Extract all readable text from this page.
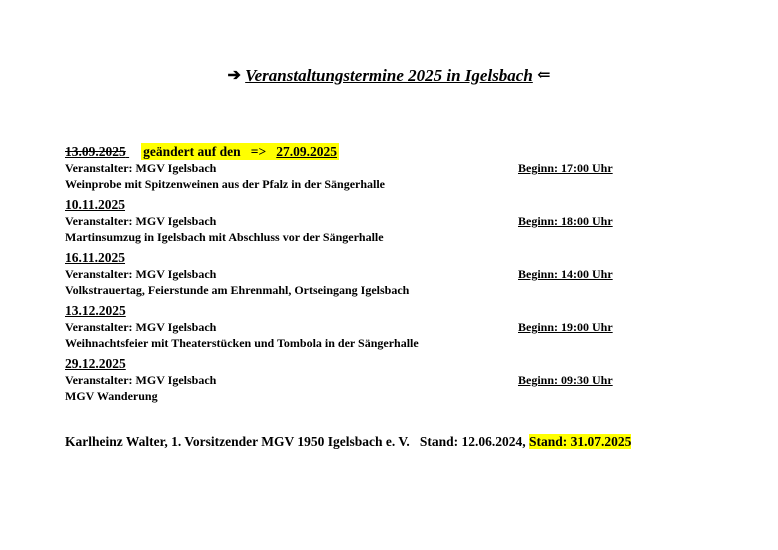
➔ Veranstaltungstermine 2025 in Igelsbach ⇐
13.09.2025 geändert auf den => 27.09.2025
Veranstalter: MGV Igelsbach	Beginn: 17:00 Uhr
Weinprobe mit Spitzenweinen aus der Pfalz in der Sängerhalle
10.11.2025
Veranstalter: MGV Igelsbach	Beginn: 18:00 Uhr
Martinsumzug in Igelsbach mit Abschluss vor der Sängerhalle
16.11.2025
Veranstalter: MGV Igelsbach	Beginn: 14:00 Uhr
Volkstrauertag, Feierstunde am Ehrenmahl, Ortseingang Igelsbach
13.12.2025
Veranstalter: MGV Igelsbach	Beginn: 19:00 Uhr
Weihnachtsfeier mit Theaterstücken und Tombola in der Sängerhalle
29.12.2025
Veranstalter: MGV Igelsbach	Beginn: 09:30 Uhr
MGV Wanderung
Karlheinz Walter, 1. Vorsitzender MGV 1950 Igelsbach e. V.   Stand: 12.06.2024, Stand: 31.07.2025
